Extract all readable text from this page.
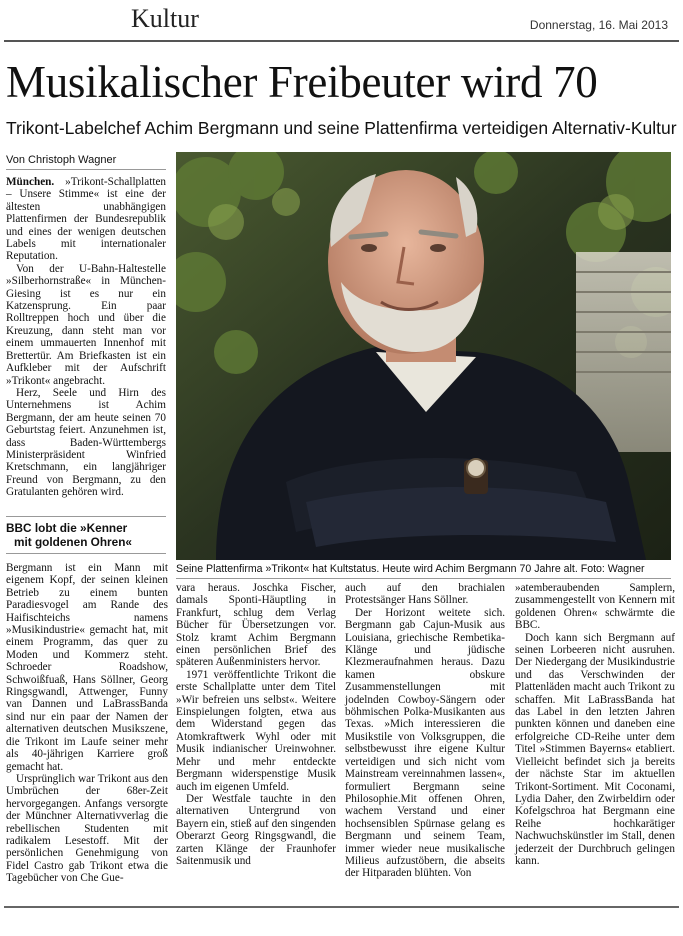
Kultur	Donnerstag, 16. Mai 2013
Musikalischer Freibeuter wird 70
Trikont-Labelchef Achim Bergmann und seine Plattenfirma verteidigen Alternativ-Kultur
Von Christoph Wagner

München. »Trikont-Schallplatten – Unsere Stimme« ist eine der ältesten unabhängigen Plattenfirmen der Bundesrepublik und eines der wenigen deutschen Labels mit internationaler Reputation.

Von der U-Bahn-Haltestelle »Silberhornstraße« in München-Giesing ist es nur ein Katzensprung. Ein paar Rolltreppen hoch und über die Kreuzung, dann steht man vor einem ummauerten Innenhof mit Brettertür. Am Briefkasten ist ein Aufkleber mit der Aufschrift »Trikont« angebracht.

Herz, Seele und Hirn des Unternehmens ist Achim Bergmann, der am heute seinen 70 Geburtstag feiert. Anzunehmen ist, dass Baden-Württembergs Ministerpräsident Winfried Kretschmann, ein langjähriger Freund von Bergmann, zu den Gratulanten gehören wird.

BBC lobt die »Kenner
mit goldenen Ohren«

Seine Plattenfirma »Trikont« hat Kultstatus. Heute wird Achim Bergmann 70 Jahre alt. Foto: Wagner

Bergmann ist ein Mann mit eigenem Kopf, der seinen kleinen Betrieb zu einem bunten Paradiesvogel am Rande des Haifischteichs namens »Musikindustrie« gemacht hat, mit einem Programm, das quer zu Moden und Kommerz steht. Schroeder Roadshow, Schwoißfuaß, Hans Söllner, Georg Ringsgwandl, Attwenger, Funny van Dannen und LaBrassBanda sind nur ein paar der Namen der alternativen deutschen Musikszene, die Trikont im Laufe seiner mehr als 40-jährigen Karriere groß gemacht hat.

Ursprünglich war Trikont aus den Umbrüchen der 68er-Zeit hervorgegangen. Anfangs versorgte der Münchner Alternativverlag die rebellischen Studenten mit radikalem Lesestoff. Mit der persönlichen Genehmigung von Fidel Castro gab Trikont etwa die Tagebücher von Che Gue-

vara heraus. Joschka Fischer, damals Sponti-Häuptling in Frankfurt, schlug dem Verlag Bücher für Übersetzungen vor. Stolz kramt Achim Bergmann einen persönlichen Brief des späteren Außenministers hervor.

1971 veröffentlichte Trikont die erste Schallplatte unter dem Titel »Wir befreien uns selbst«. Weitere Einspielungen folgten, etwa aus dem Widerstand gegen das Atomkraftwerk Wyhl oder mit Musik indianischer Ureinwohner. Mehr und mehr entdeckte Bergmann widerspenstige Musik auch im eigenen Umfeld.

Der Westfale tauchte in den alternativen Untergrund von Bayern ein, stieß auf den singenden Oberarzt Georg Ringsgwandl, die zarten Klänge der Fraunhofer Saitenmusik und

auch auf den brachialen Protestsänger Hans Söllner.

Der Horizont weitete sich. Bergmann gab Cajun-Musik aus Louisiana, griechische Rembetika-Klänge und jüdische Klezmeraufnahmen heraus. Dazu kamen obskure Zusammenstellungen mit jodelnden Cowboy-Sängern oder böhmischen Polka-Musikanten aus Texas. »Mich interessieren die Musikstile von Volksgruppen, die selbstbewusst ihre eigene Kultur verteidigen und sich nicht vom Mainstream vereinnahmen lassen«, formuliert Bergmann seine Philosophie.Mit offenen Ohren, wachem Verstand und einer hochsensiblen Spürnase gelang es Bergmann und seinem Team, immer wieder neue musikalische Milieus aufzustöbern, die abseits der Hitparaden blühten. Von

»atemberaubenden Samplern, zusammengestellt von Kennern mit goldenen Ohren« schwärmte die BBC.

Doch kann sich Bergmann auf seinen Lorbeeren nicht ausruhen. Der Niedergang der Musikindustrie und das Verschwinden der Plattenläden macht auch Trikont zu schaffen. Mit LaBrassBanda hat das Label in den letzten Jahren punkten können und daneben eine erfolgreiche CD-Reihe unter dem Titel »Stimmen Bayerns« etabliert. Vielleicht befindet sich ja bereits der nächste Star im aktuellen Trikont-Sortiment. Mit Coconami, Lydia Daher, den Zwirbeldirn oder Kofelgschroa hat Bergmann eine Reihe hochkarätiger Nachwuchskünstler im Stall, denen jederzeit der Durchbruch gelingen kann.
